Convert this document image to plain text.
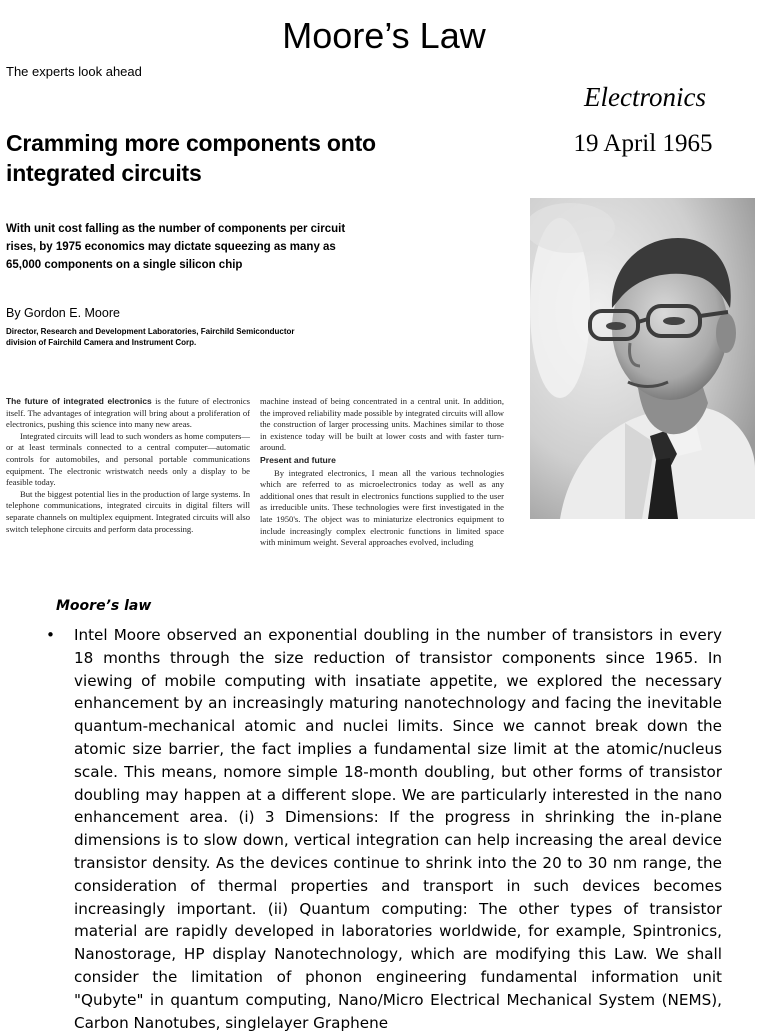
Moore’s Law
The experts look ahead
Cramming more components onto integrated circuits
With unit cost falling as the number of components per circuit rises, by 1975 economics may dictate squeezing as many as 65,000 components on a single silicon chip
By Gordon E. Moore
Director, Research and Development Laboratories, Fairchild Semiconductor division of Fairchild Camera and Instrument Corp.

The future of integrated electronics is the future of electronics itself. The advantages of integration will bring about a proliferation of electronics, pushing this science into many new areas.

Integrated circuits will lead to such wonders as home computers—or at least terminals connected to a central computer—automatic controls for automobiles, and personal portable communications equipment. The electronic wristwatch needs only a display to be feasible today.

But the biggest potential lies in the production of large systems. In telephone communications, integrated circuits in digital filters will separate channels on multiplex equipment. Integrated circuits will also switch telephone circuits and perform data processing.

machine instead of being concentrated in a central unit. In addition, the improved reliability made possible by integrated circuits will allow the construction of larger processing units. Machines similar to those in existence today will be built at lower costs and with faster turn-around.

Present and future

By integrated electronics, I mean all the various technologies which are referred to as microelectronics today as well as any additional ones that result in electronics functions supplied to the user as irreducible units. These technologies were first investigated in the late 1950's. The object was to miniaturize electronics equipment to include increasingly complex electronic functions in limited space with minimum weight. Several approaches evolved, including

Electronics
19 April 1965
Moore’s law
• Intel Moore observed an exponential doubling in the number of transistors in every 18 months through the size reduction of transistor components since 1965. In viewing of mobile computing with insatiate appetite, we explored the necessary enhancement by an increasingly maturing nanotechnology and facing the inevitable quantum-mechanical atomic and nuclei limits. Since we cannot break down the atomic size barrier, the fact implies a fundamental size limit at the atomic/nucleus scale. This means, nomore simple 18-month doubling, but other forms of transistor doubling may happen at a different slope. We are particularly interested in the nano enhancement area. (i) 3 Dimensions: If the progress in shrinking the in-plane dimensions is to slow down, vertical integration can help increasing the areal device transistor density. As the devices continue to shrink into the 20 to 30 nm range, the consideration of thermal properties and transport in such devices becomes increasingly important. (ii) Quantum computing: The other types of transistor material are rapidly developed in laboratories worldwide, for example, Spintronics, Nanostorage, HP display Nanotechnology, which are modifying this Law. We shall consider the limitation of phonon engineering fundamental information unit "Qubyte" in quantum computing, Nano/Micro Electrical Mechanical System (NEMS), Carbon Nanotubes, singlelayer Graphene
